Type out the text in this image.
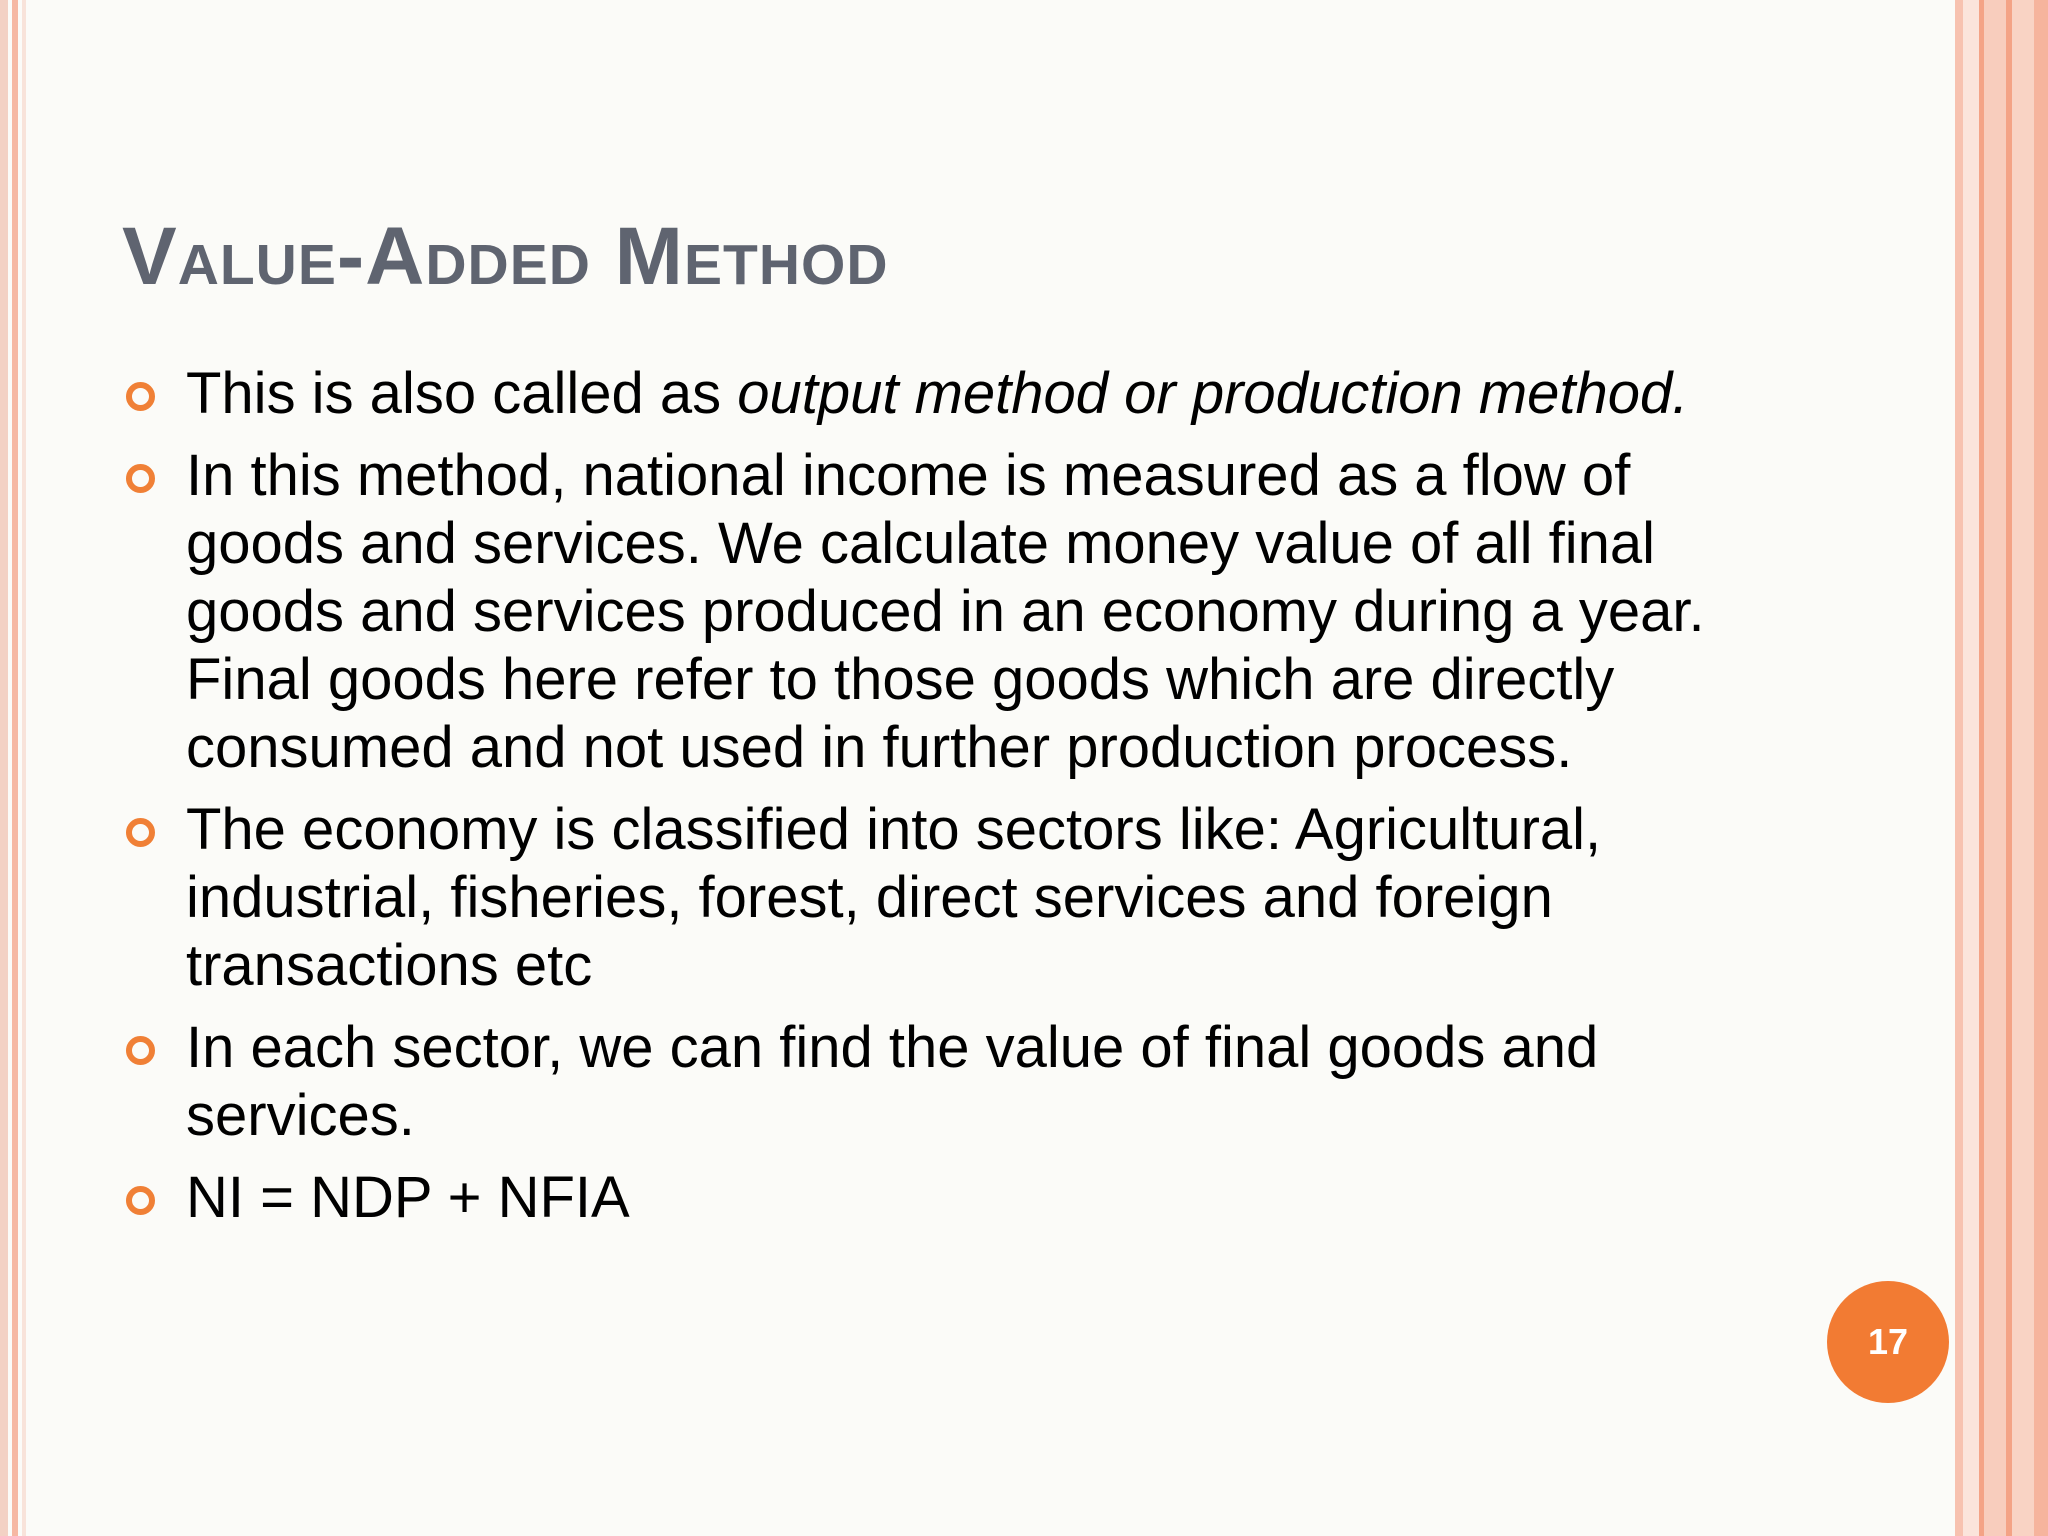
Value-Added Method
This is also called as output method or production method.
In this method, national income is measured as a flow of goods and services. We calculate money value of all final goods and services produced in an economy during a year. Final goods here refer to those goods which are directly consumed and not used in further production process.
The economy is classified into sectors like: Agricultural, industrial, fisheries, forest, direct services and foreign transactions etc
In each sector, we can find the value of final goods and services.
NI = NDP + NFIA
17
